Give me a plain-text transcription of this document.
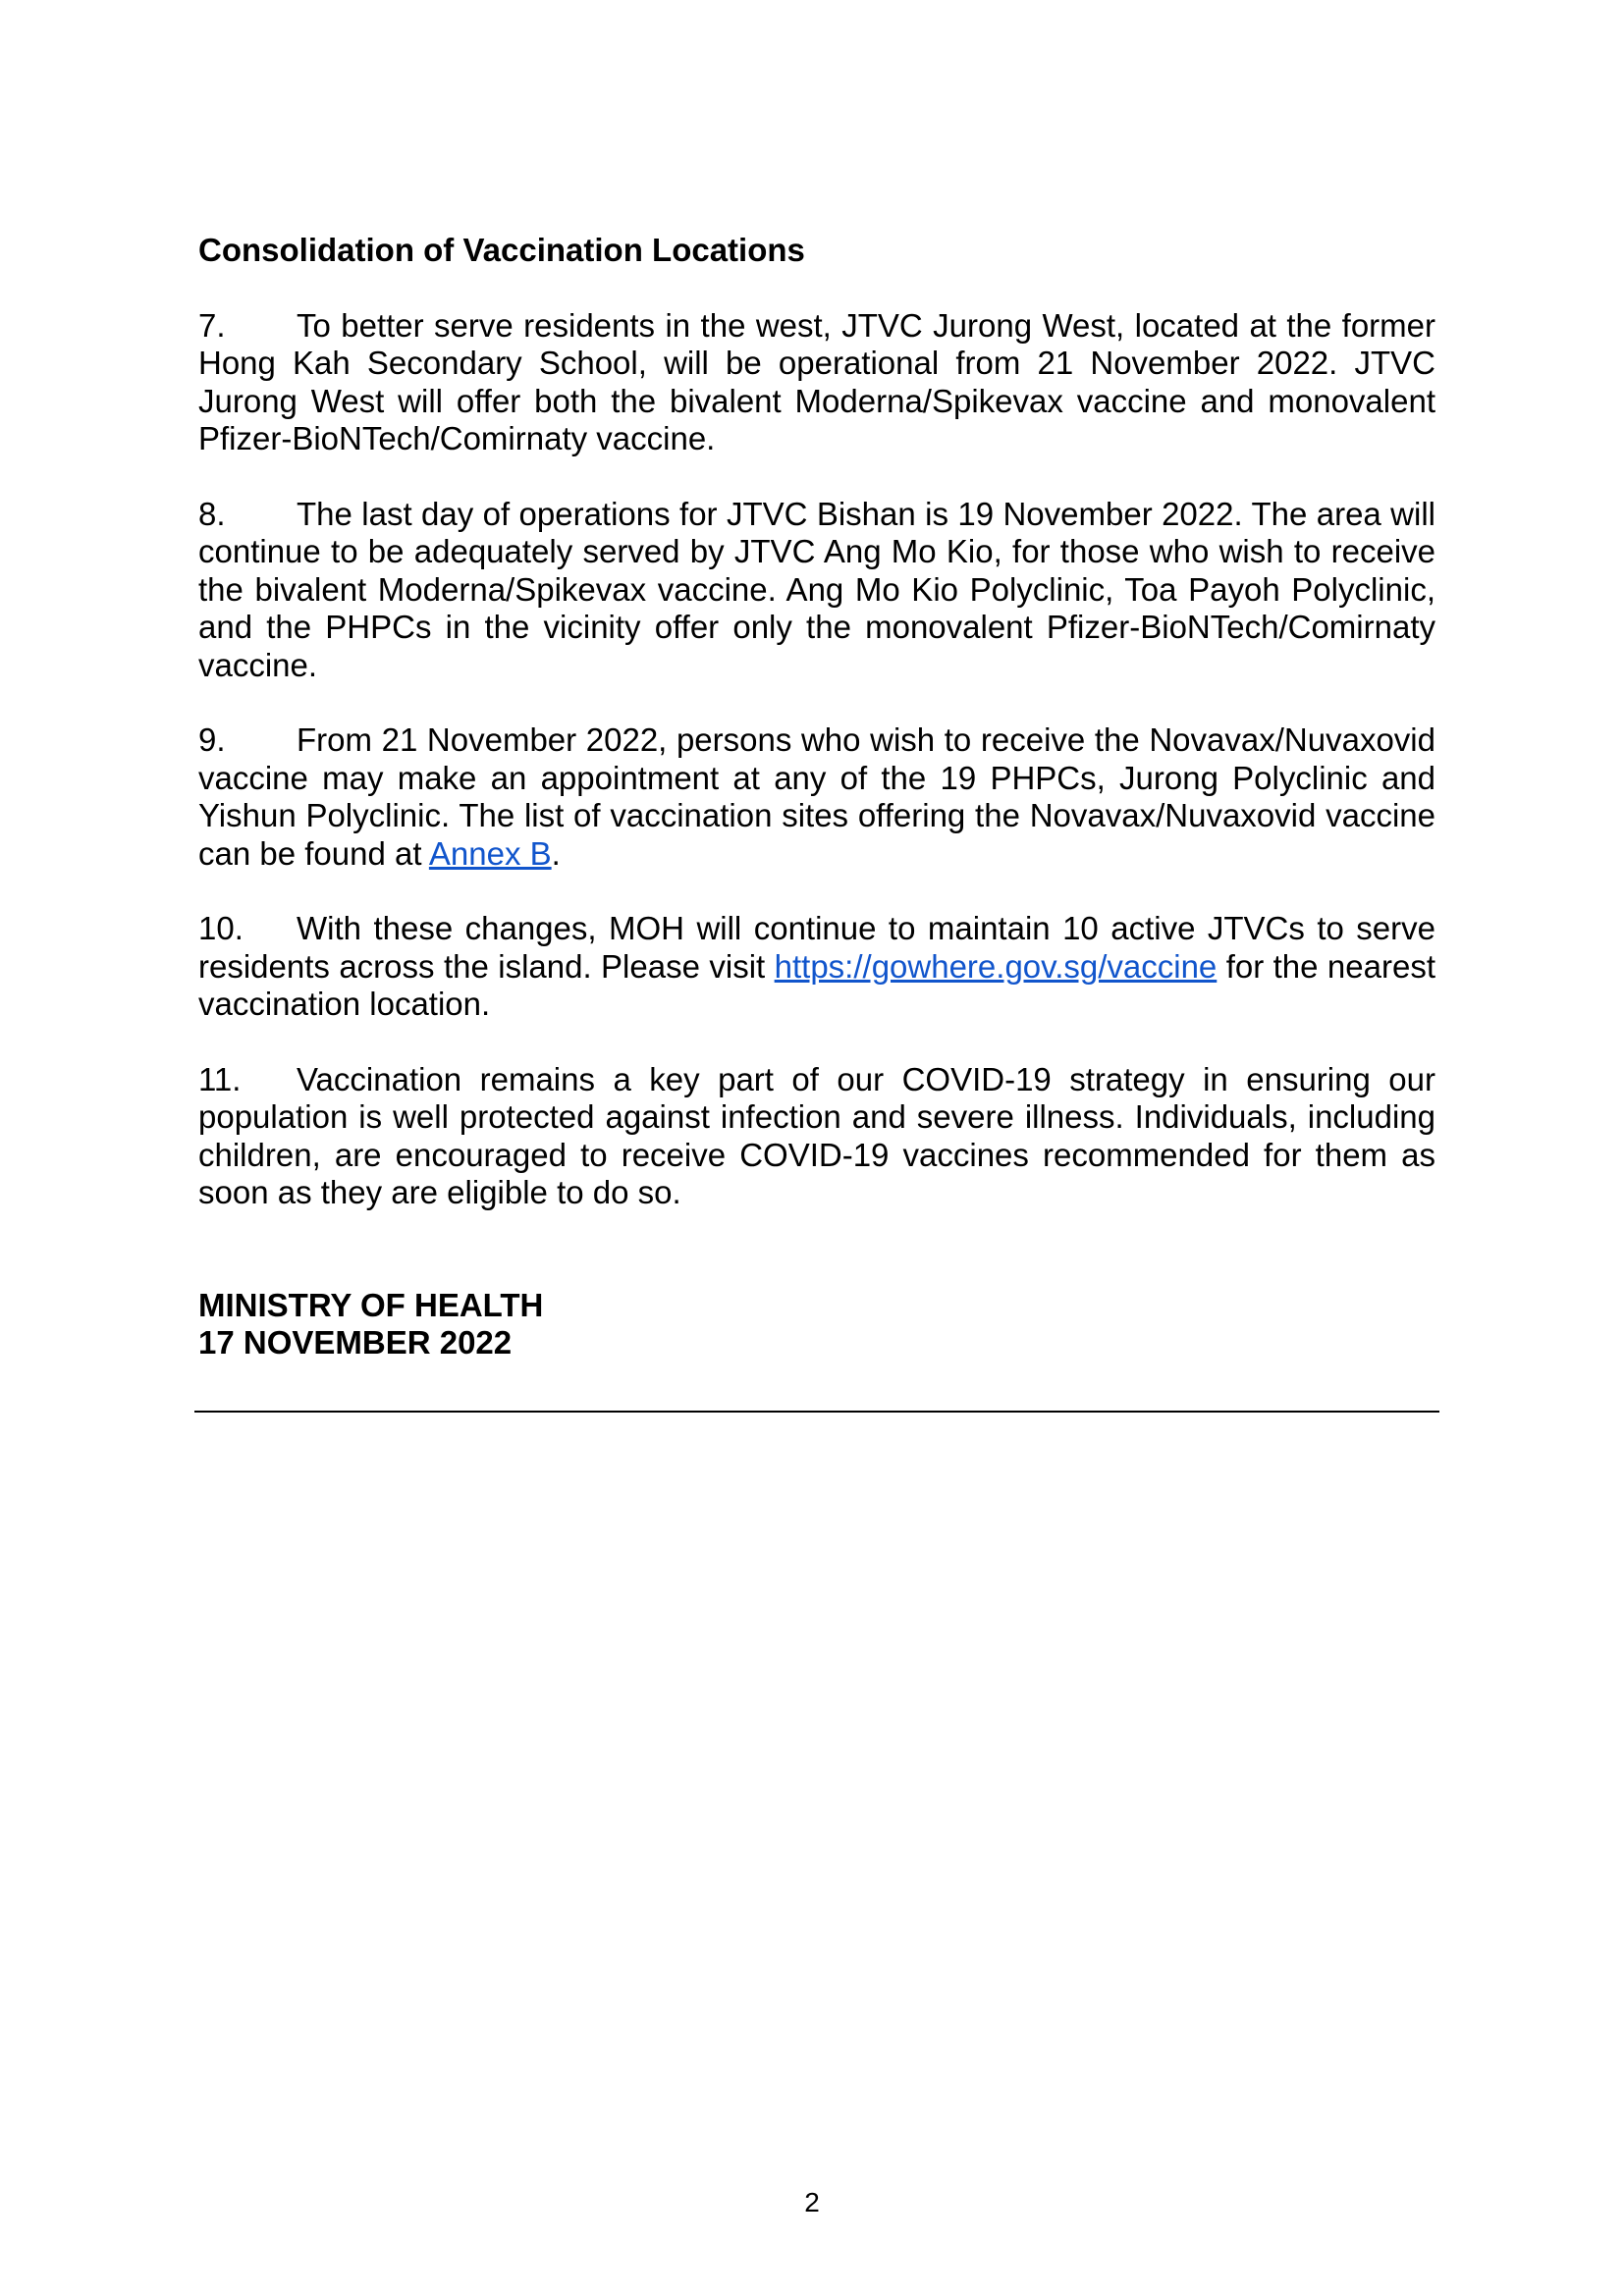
Consolidation of Vaccination Locations
7. To better serve residents in the west, JTVC Jurong West, located at the former Hong Kah Secondary School, will be operational from 21 November 2022. JTVC Jurong West will offer both the bivalent Moderna/Spikevax vaccine and monovalent Pfizer-BioNTech/Comirnaty vaccine.
8. The last day of operations for JTVC Bishan is 19 November 2022. The area will continue to be adequately served by JTVC Ang Mo Kio, for those who wish to receive the bivalent Moderna/Spikevax vaccine. Ang Mo Kio Polyclinic, Toa Payoh Polyclinic, and the PHPCs in the vicinity offer only the monovalent Pfizer-BioNTech/Comirnaty vaccine.
9. From 21 November 2022, persons who wish to receive the Novavax/Nuvaxovid vaccine may make an appointment at any of the 19 PHPCs, Jurong Polyclinic and Yishun Polyclinic. The list of vaccination sites offering the Novavax/Nuvaxovid vaccine can be found at Annex B.
10. With these changes, MOH will continue to maintain 10 active JTVCs to serve residents across the island. Please visit https://gowhere.gov.sg/vaccine for the nearest vaccination location.
11. Vaccination remains a key part of our COVID-19 strategy in ensuring our population is well protected against infection and severe illness. Individuals, including children, are encouraged to receive COVID-19 vaccines recommended for them as soon as they are eligible to do so.
MINISTRY OF HEALTH
17 NOVEMBER 2022
2
